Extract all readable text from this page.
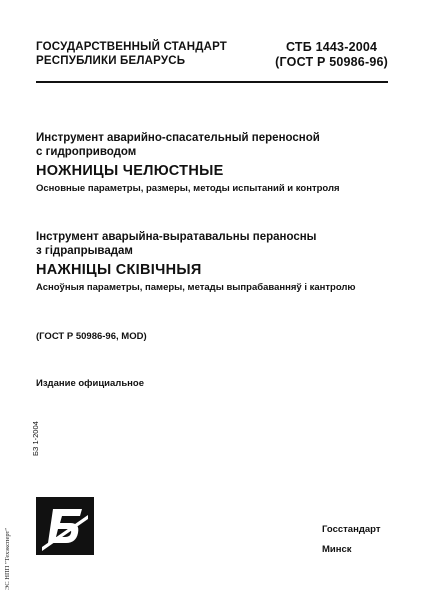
ГОСУДАРСТВЕННЫЙ СТАНДАРТ
РЕСПУБЛИКИ БЕЛАРУСЬ
СТБ 1443-2004
(ГОСТ Р 50986-96)
Инструмент аварийно-спасательный переносной
с гидроприводом
НОЖНИЦЫ ЧЕЛЮСТНЫЕ
Основные параметры, размеры, методы испытаний и контроля
Інструмент аварыйна-выратавальны пераносны
з гідрапрывадам
НАЖНІЦЫ СКІВІЧНЫЯ
Асноўныя параметры, памеры, метады выпрабаванняў і кантролю
(ГОСТ Р 50986-96, MOD)
Издание официальное
БЗ 1-2004
ЭС НПП "Техэксперт"	Госстандарт
Минск
